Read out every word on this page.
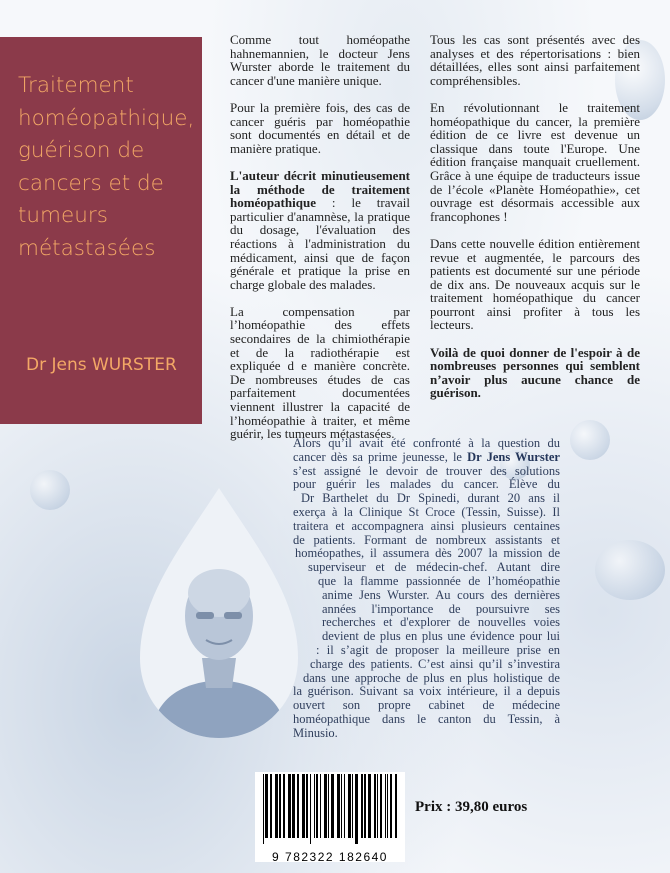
Traitement
homéopathique,
guérison de
cancers et de
tumeurs
métastasées
Dr Jens WURSTER

Comme tout homéopathe hahnemannien, le docteur Jens Wurster aborde le traitement du cancer d'une manière unique.

Pour la première fois, des cas de cancer guéris par homéopathie sont documentés en détail et de manière pratique.

L'auteur décrit minutieusement la méthode de traitement homéopathique : le travail particulier d'anamnèse, la pratique du dosage, l'évaluation des réactions à l'administration du médicament, ainsi que de façon générale et pratique la prise en charge globale des malades.

La compensation par l’homéopathie des effets secondaires de la chimiothérapie et de la radiothérapie est expliquée d e manière concrète. De nombreuses études de cas parfaitement documentées viennent illustrer la capacité de l’homéopathie à traiter, et même guérir, les tumeurs métastasées.

Tous les cas sont présentés avec des analyses et des répertorisations : bien détaillées, elles sont ainsi parfaitement compréhensibles.

En révolutionnant le traitement homéopathique du cancer, la première édition de ce livre est devenue un classique dans toute l'Europe. Une édition française manquait cruellement. Grâce à une équipe de traducteurs issue de l’école «Planète Homéopathie», cet ouvrage est désormais accessible aux francophones !

Dans cette nouvelle édition entièrement revue et augmentée, le parcours des patients est documenté sur une période de dix ans. De nouveaux acquis sur le traitement homéopathique du cancer pourront ainsi profiter à tous les lecteurs.

Voilà de quoi donner de l'espoir à de nombreuses personnes qui semblent n’avoir plus aucune chance de guérison.

Alors qu’il avait été confronté à la question du
cancer dès sa prime jeunesse, le Dr Jens Wurster
s’est assigné le devoir de trouver des solutions
pour guérir les malades du cancer. Élève du
Dr Barthelet du Dr Spinedi, durant 20 ans il
exerça à la Clinique St Croce (Tessin, Suisse). Il
traitera et accompagnera ainsi plusieurs centaines
de patients. Formant de nombreux assistants et
homéopathes, il assumera dès 2007 la mission de
superviseur et de médecin-chef. Autant dire
que la flamme passionnée de l’homéopathie
anime Jens Wurster. Au cours des dernières
années l'importance de poursuivre ses
recherches et d'explorer de nouvelles voies
devient de plus en plus une évidence pour lui
: il s’agit de proposer la meilleure prise en
charge des patients. C’est ainsi qu’il s’investira
dans une approche de plus en plus holistique de
la guérison. Suivant sa voix intérieure, il a depuis
ouvert son propre cabinet de médecine
homéopathique dans le canton du Tessin, à
Minusio.
9 782322 182640
Prix : 39,80 euros
